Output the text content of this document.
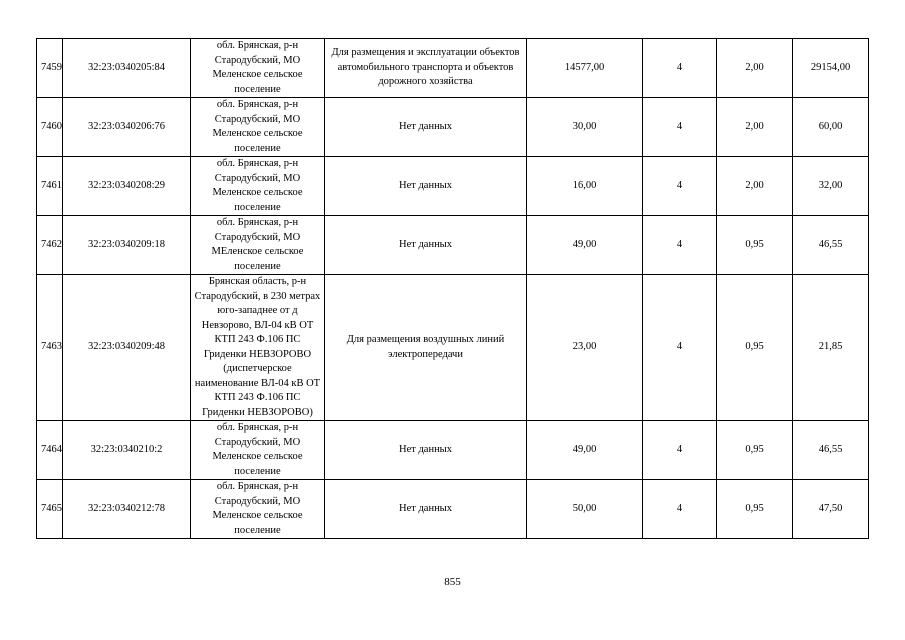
7459	32:23:0340205:84	обл. Брянская, р-н Стародубский, МО Меленское сельское поселение	Для размещения и эксплуатации объектов автомобильного транспорта и объектов дорожного хозяйства	14577,00	4	2,00	29154,00
7460	32:23:0340206:76	обл. Брянская, р-н Стародубский, МО Меленское сельское поселение	Нет данных	30,00	4	2,00	60,00
7461	32:23:0340208:29	обл. Брянская, р-н Стародубский, МО Меленское сельское поселение	Нет данных	16,00	4	2,00	32,00
7462	32:23:0340209:18	обл. Брянская, р-н Стародубский, МО МЕленское сельское поселение	Нет данных	49,00	4	0,95	46,55
7463	32:23:0340209:48	Брянская область, р-н Стародубский, в 230 метрах юго-западнее от д Невзорово, ВЛ-04 кВ ОТ КТП 243 Ф.106 ПС Гриденки НЕВЗОРОВО (диспетчерское наименование ВЛ-04 кВ ОТ КТП 243 Ф.106 ПС Гриденки НЕВЗОРОВО)	Для размещения воздушных линий электропередачи	23,00	4	0,95	21,85
7464	32:23:0340210:2	обл. Брянская, р-н Стародубский, МО Меленское сельское поселение	Нет данных	49,00	4	0,95	46,55
7465	32:23:0340212:78	обл. Брянская, р-н Стародубский, МО Меленское сельское поселение	Нет данных	50,00	4	0,95	47,50
855
